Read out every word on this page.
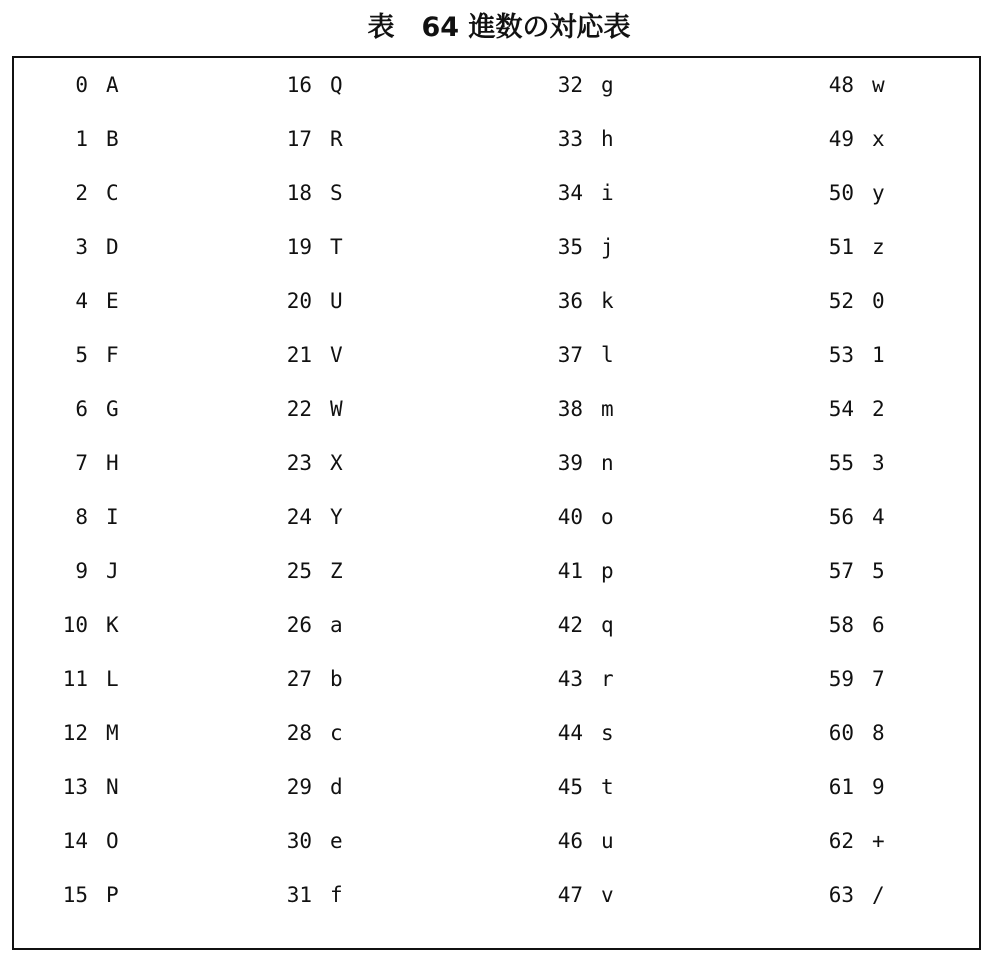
表　64 進数の対応表
0 A
1 B
2 C
3 D
4 E
5 F
6 G
7 H
8 I
9 J
10 K
11 L
12 M
13 N
14 O
15 P
16 Q
17 R
18 S
19 T
20 U
21 V
22 W
23 X
24 Y
25 Z
26 a
27 b
28 c
29 d
30 e
31 f
32 g
33 h
34 i
35 j
36 k
37 l
38 m
39 n
40 o
41 p
42 q
43 r
44 s
45 t
46 u
47 v
48 w
49 x
50 y
51 z
52 0
53 1
54 2
55 3
56 4
57 5
58 6
59 7
60 8
61 9
62 +
63 /
